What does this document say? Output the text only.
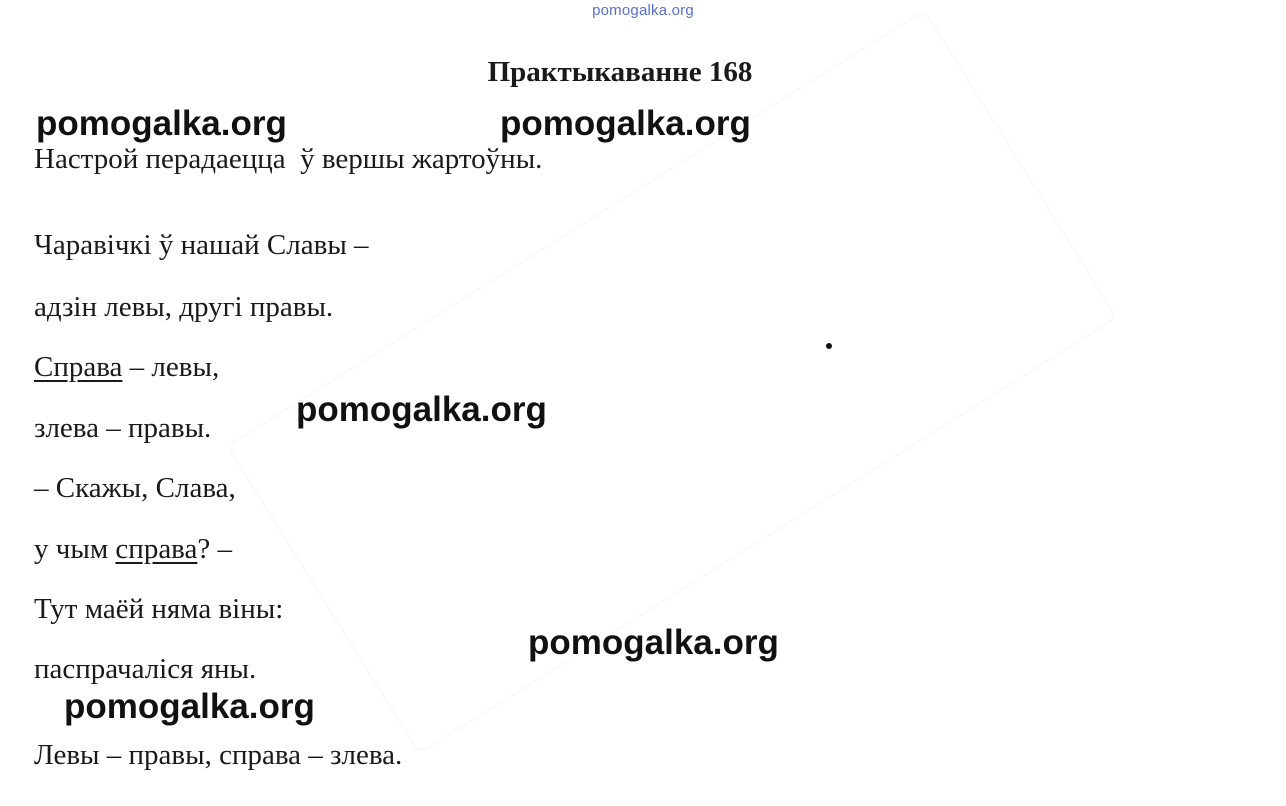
pomogalka.org
Практыкаванне 168
Настрой перадаецца  ў вершы жартоўны.
Чаравічкі ў нашай Славы –
адзін левы, другі правы.
Справа – левы,
злева – правы.
– Скажы, Слава,
у чым справа? –
Тут маёй няма віны:
паспрачаліся яны.
Левы – правы, справа – злева.
pomogalka.org	pomogalka.org
pomogalka.org
pomogalka.org
pomogalka.org
